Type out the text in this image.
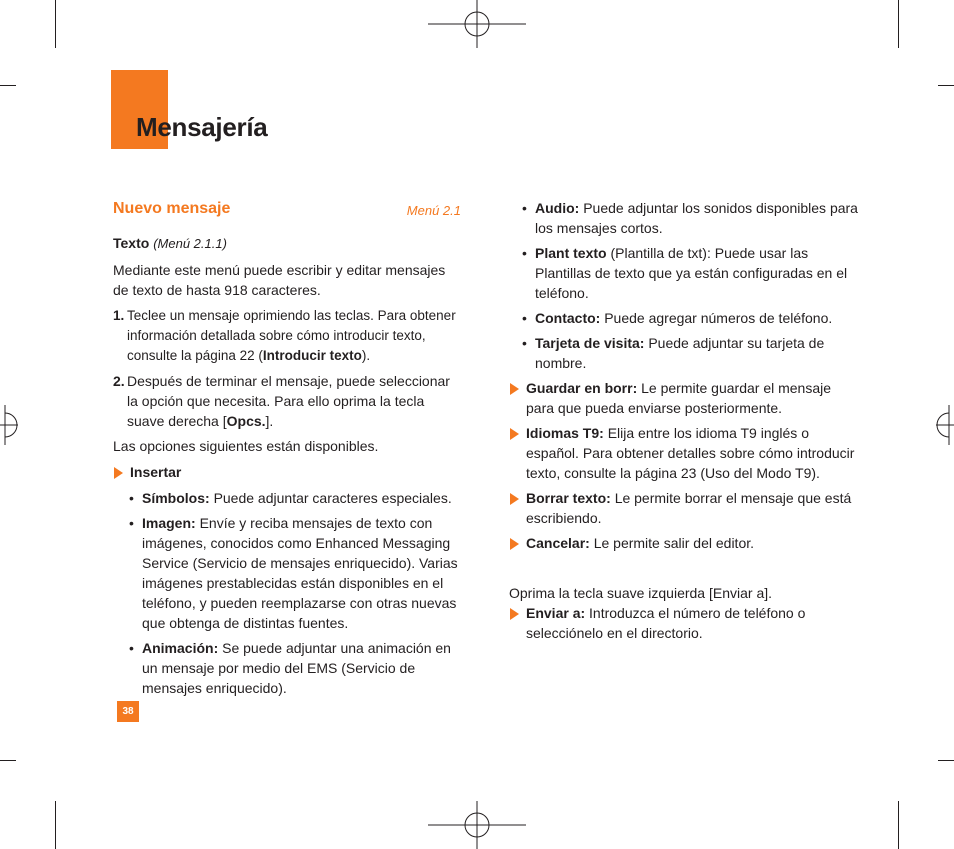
Mensajería
Nuevo mensaje	Menú 2.1

Texto (Menú 2.1.1)

Mediante este menú puede escribir y editar mensajes de texto de hasta 918 caracteres.

1. Teclee un mensaje oprimiendo las teclas. Para obtener información detallada sobre cómo introducir texto, consulte la página 22 (Introducir texto).
2. Después de terminar el mensaje, puede seleccionar la opción que necesita. Para ello oprima la tecla suave derecha [Opcs.].

Las opciones siguientes están disponibles.

Insertar
• Símbolos: Puede adjuntar caracteres especiales.
• Imagen: Envíe y reciba mensajes de texto con imágenes, conocidos como Enhanced Messaging Service (Servicio de mensajes enriquecido). Varias imágenes prestablecidas están disponibles en el teléfono, y pueden reemplazarse con otras nuevas que obtenga de distintas fuentes.
• Animación: Se puede adjuntar una animación en un mensaje por medio del EMS (Servicio de mensajes enriquecido).
• Audio: Puede adjuntar los sonidos disponibles para los mensajes cortos.
• Plant texto (Plantilla de txt): Puede usar las Plantillas de texto que ya están configuradas en el teléfono.
• Contacto: Puede agregar números de teléfono.
• Tarjeta de visita: Puede adjuntar su tarjeta de nombre.
Guardar en borr: Le permite guardar el mensaje para que pueda enviarse posteriormente.
Idiomas T9: Elija entre los idioma T9 inglés o español. Para obtener detalles sobre cómo introducir texto, consulte la página 23 (Uso del Modo T9).
Borrar texto: Le permite borrar el mensaje que está escribiendo.
Cancelar: Le permite salir del editor.

Oprima la tecla suave izquierda [Enviar a].

Enviar a: Introduzca el número de teléfono o selecciónelo en el directorio.
38
